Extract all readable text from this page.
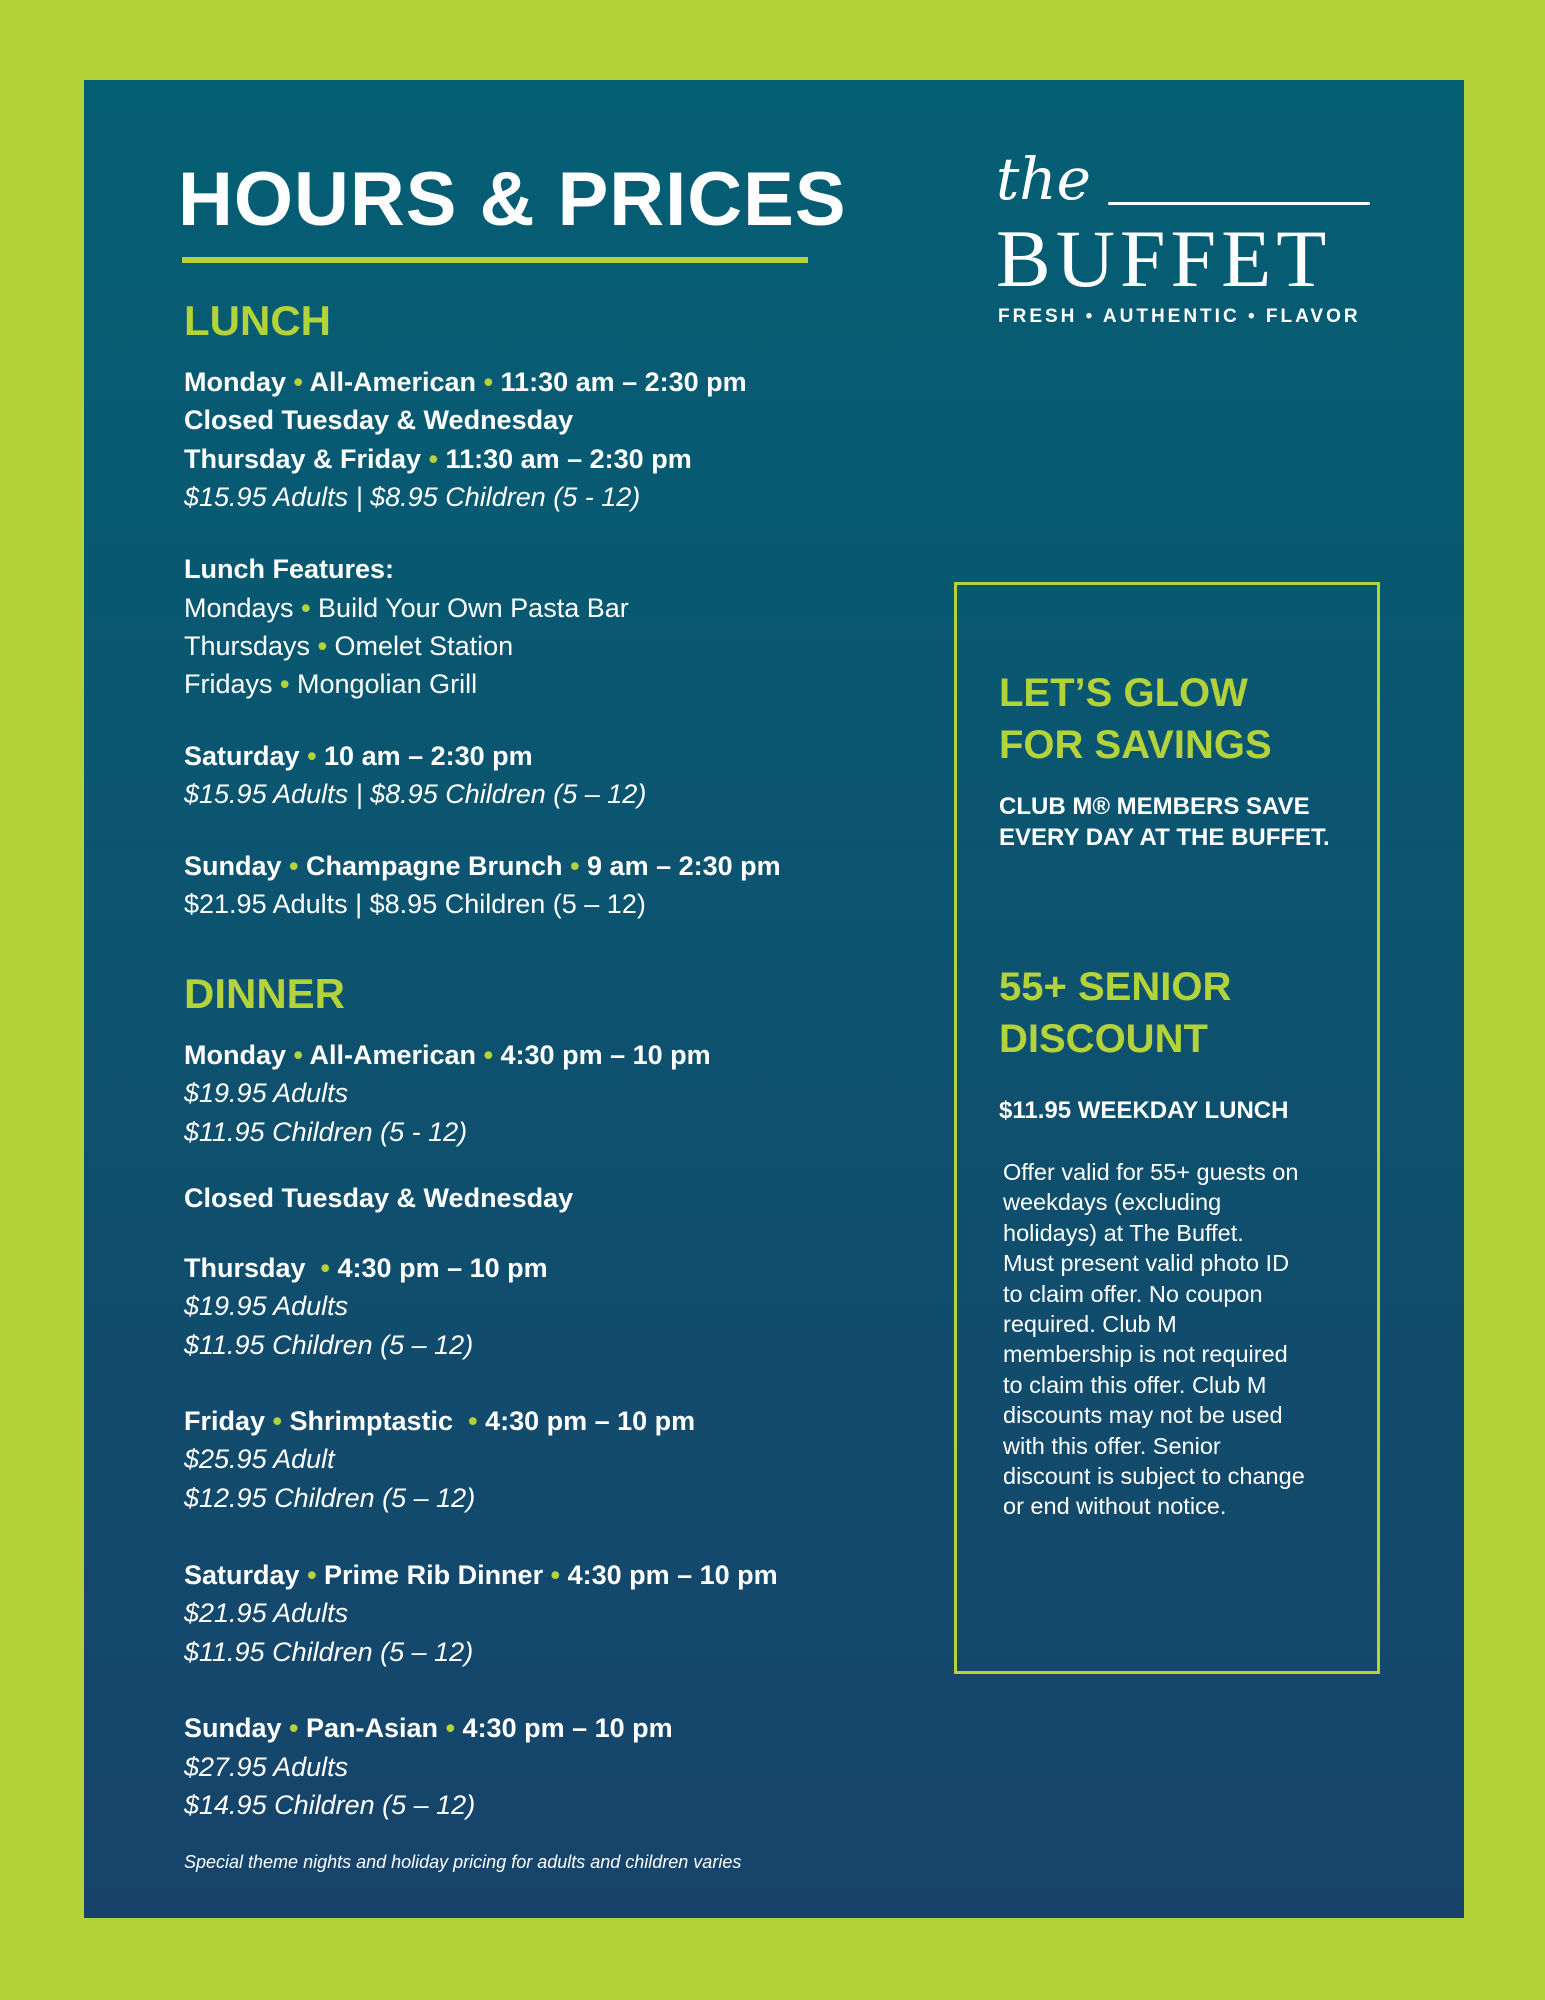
HOURS & PRICES	the
BUFFET
FRESH • AUTHENTIC • FLAVOR
LUNCH
Monday • All-American • 11:30 am – 2:30 pm
Closed Tuesday & Wednesday
Thursday & Friday • 11:30 am – 2:30 pm
$15.95 Adults | $8.95 Children (5 - 12)
Lunch Features:
Mondays • Build Your Own Pasta Bar
Thursdays • Omelet Station
Fridays • Mongolian Grill
Saturday • 10 am – 2:30 pm
$15.95 Adults | $8.95 Children (5 – 12)
Sunday • Champagne Brunch • 9 am – 2:30 pm
$21.95 Adults | $8.95 Children (5 – 12)
DINNER
Monday • All-American • 4:30 pm – 10 pm
$19.95 Adults
$11.95 Children (5 - 12)
Closed Tuesday & Wednesday
Thursday  • 4:30 pm – 10 pm
$19.95 Adults
$11.95 Children (5 – 12)
Friday • Shrimptastic  • 4:30 pm – 10 pm
$25.95 Adult
$12.95 Children (5 – 12)
Saturday • Prime Rib Dinner • 4:30 pm – 10 pm
$21.95 Adults
$11.95 Children (5 – 12)
Sunday • Pan-Asian • 4:30 pm – 10 pm
$27.95 Adults
$14.95 Children (5 – 12)
Special theme nights and holiday pricing for adults and children varies
LET’S GLOW
FOR SAVINGS
CLUB M® MEMBERS SAVE
EVERY DAY AT THE BUFFET.
55+ SENIOR
DISCOUNT
$11.95 WEEKDAY LUNCH
Offer valid for 55+ guests on
weekdays (excluding
holidays) at The Buffet.
Must present valid photo ID
to claim offer. No coupon
required. Club M
membership is not required
to claim this offer. Club M
discounts may not be used
with this offer. Senior
discount is subject to change
or end without notice.
